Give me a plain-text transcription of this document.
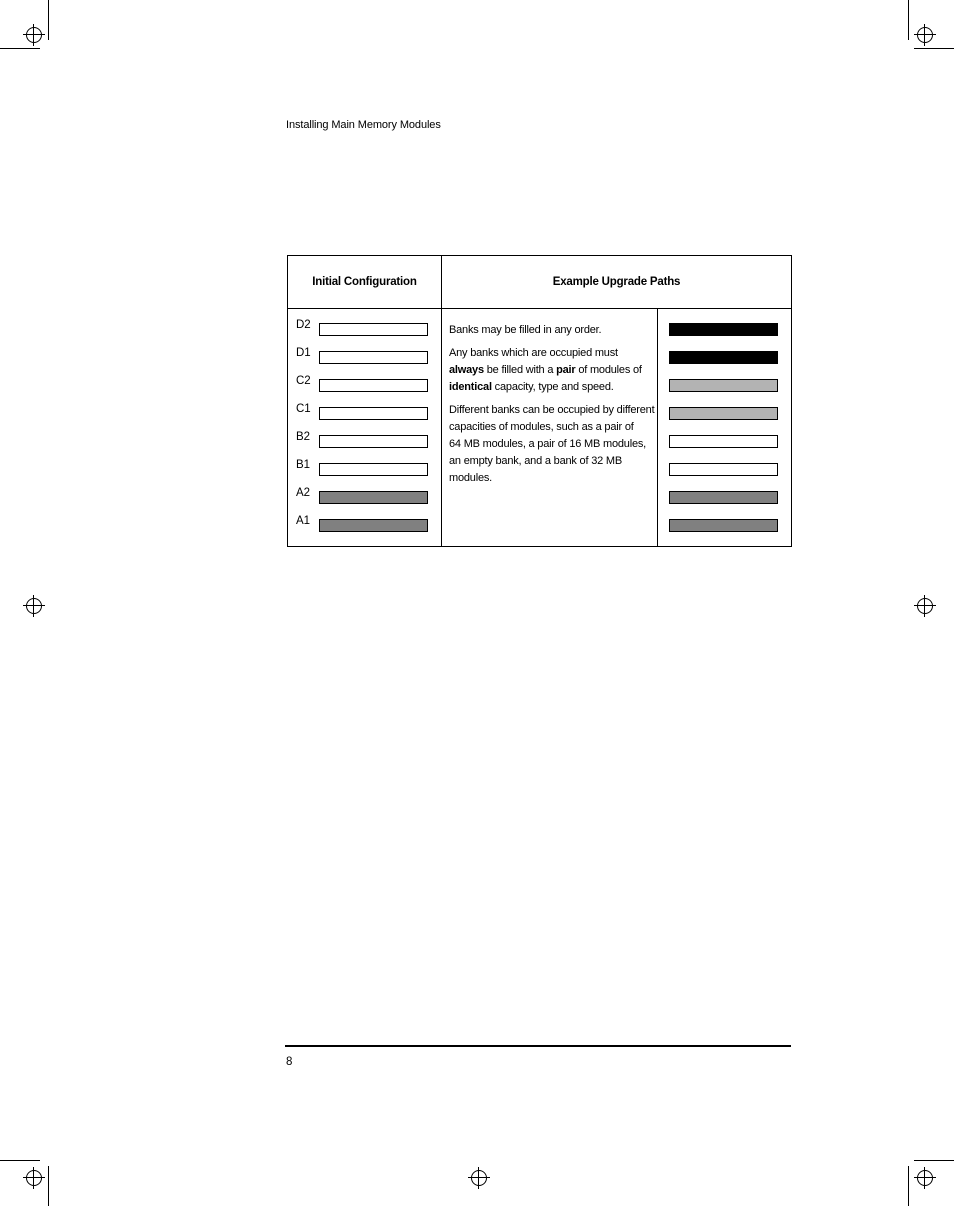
Installing Main Memory Modules
Initial Configuration	Example Upgrade Paths
D2
D1
C2
C1
B2
B1
A2
A1

Banks may be filled in any order.

Any banks which are occupied must always be filled with a pair of modules of identical capacity, type and speed.

Different banks can be occupied by different capacities of modules, such as a pair of
64 MB modules, a pair of 16 MB modules, an empty bank, and a bank of 32 MB modules.

8
